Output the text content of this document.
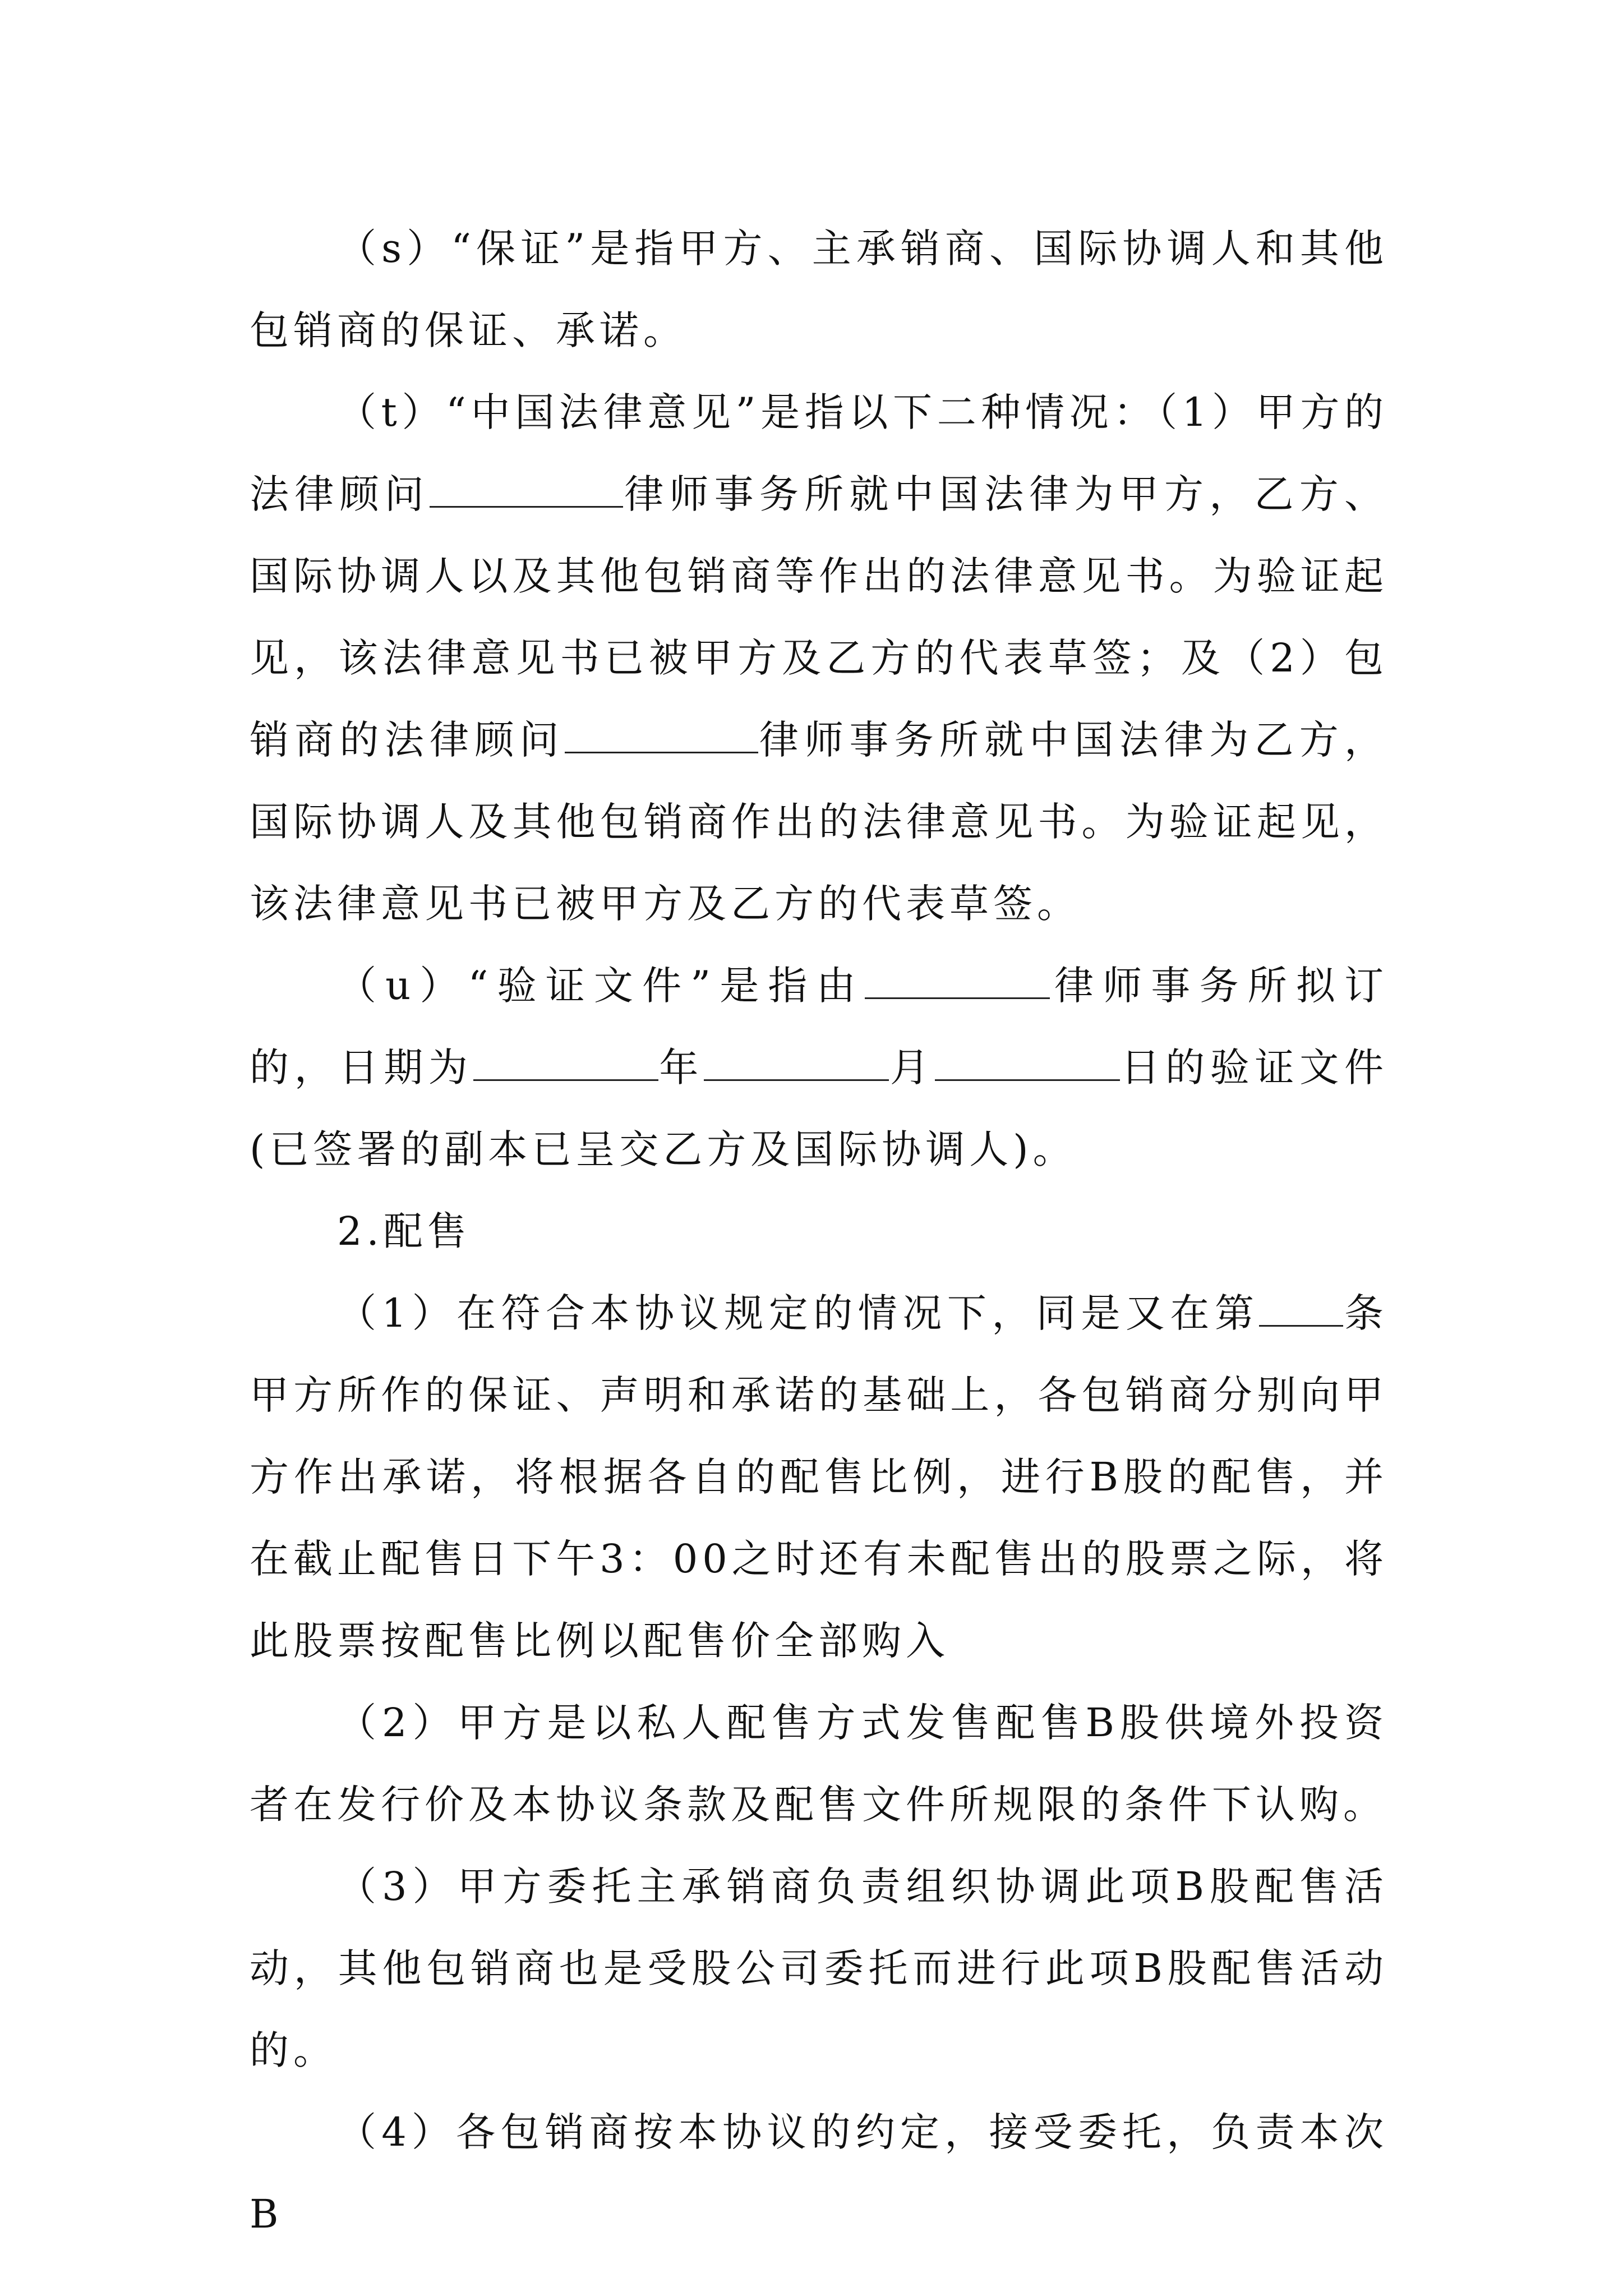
（s）“保证”是指甲方、主承销商、国际协调人和其他包销商的保证、承诺。

（t）“中国法律意见”是指以下二种情况：（1）甲方的法律顾问	律师事务所就中国法律为甲方，乙方、国际协调人以及其他包销商等作出的法律意见书。为验证起见，该法律意见书已被甲方及乙方的代表草签；及（2）包销商的法律顾问	律师事务所就中国法律为乙方，国际协调人及其他包销商作出的法律意见书。为验证起见，该法律意见书已被甲方及乙方的代表草签。

（u）“验证文件”是指由	律师事务所拟订的，日期为	年	月	日的验证文件(已签署的副本已呈交乙方及国际协调人)。

2.配售

（1）在符合本协议规定的情况下，同是又在第 条甲方所作的保证、声明和承诺的基础上，各包销商分别向甲方作出承诺，将根据各自的配售比例，进行B股的配售，并在截止配售日下午3：00之时还有未配售出的股票之际，将此股票按配售比例以配售价全部购入

（2）甲方是以私人配售方式发售配售B股供境外投资者在发行价及本协议条款及配售文件所规限的条件下认购。

（3）甲方委托主承销商负责组织协调此项B股配售活动，其他包销商也是受股公司委托而进行此项B股配售活动的。

（4）各包销商按本协议的约定，接受委托，负责本次B
